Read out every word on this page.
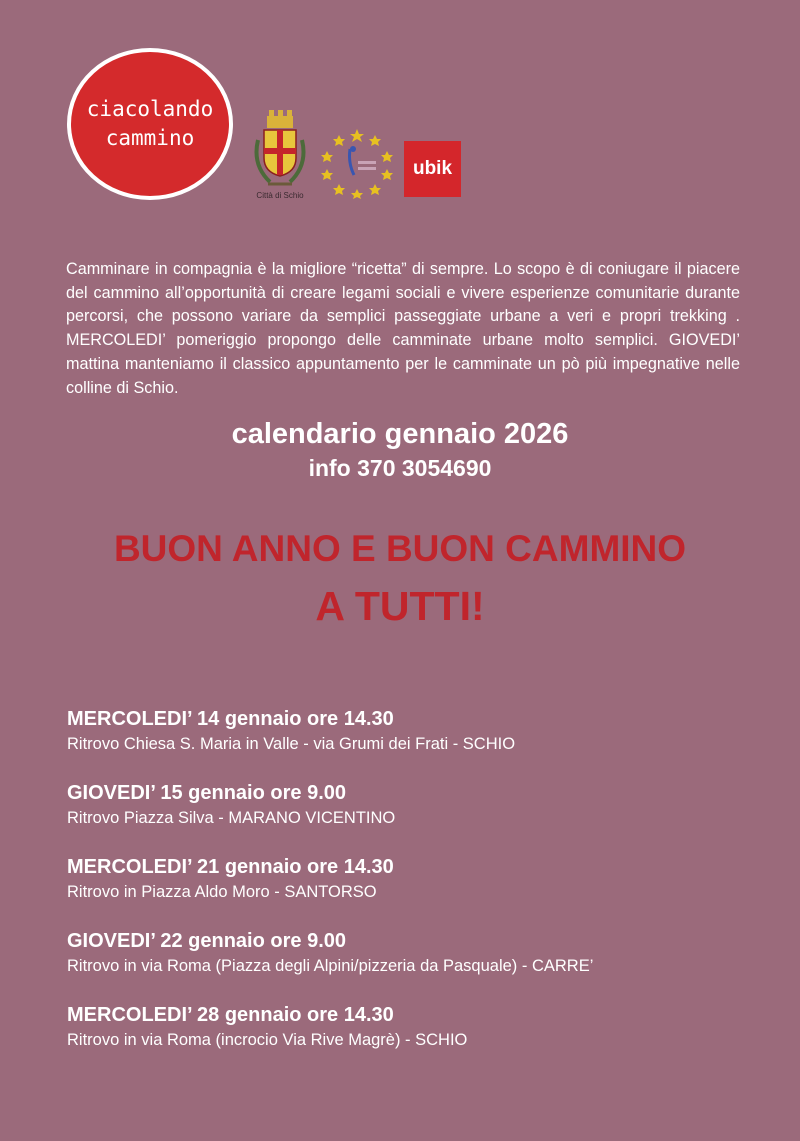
ciacolando
cammino
Città di Schio
ubik
Camminare in compagnia è la migliore “ricetta” di sempre. Lo scopo è di coniugare il piacere del cammino all’opportunità di creare legami sociali e vivere esperienze comunitarie durante percorsi, che possono variare da semplici passeggiate urbane a veri e propri trekking . MERCOLEDI’ pomeriggio propongo delle camminate urbane molto semplici. GIOVEDI’ mattina manteniamo il classico appuntamento per le camminate un pò più impegnative nelle colline di Schio.
calendario gennaio 2026
info 370 3054690
BUON ANNO E BUON CAMMINO
A TUTTI!
MERCOLEDI’ 14 gennaio ore 14.30
Ritrovo Chiesa S. Maria in Valle - via Grumi dei Frati - SCHIO
GIOVEDI’ 15 gennaio ore 9.00
Ritrovo Piazza Silva - MARANO VICENTINO
MERCOLEDI’ 21 gennaio ore 14.30
Ritrovo in Piazza Aldo Moro - SANTORSO
GIOVEDI’ 22 gennaio ore 9.00
Ritrovo in via Roma (Piazza degli Alpini/pizzeria da Pasquale) - CARRE’
MERCOLEDI’ 28 gennaio ore 14.30
Ritrovo in via Roma (incrocio Via Rive Magrè) - SCHIO
